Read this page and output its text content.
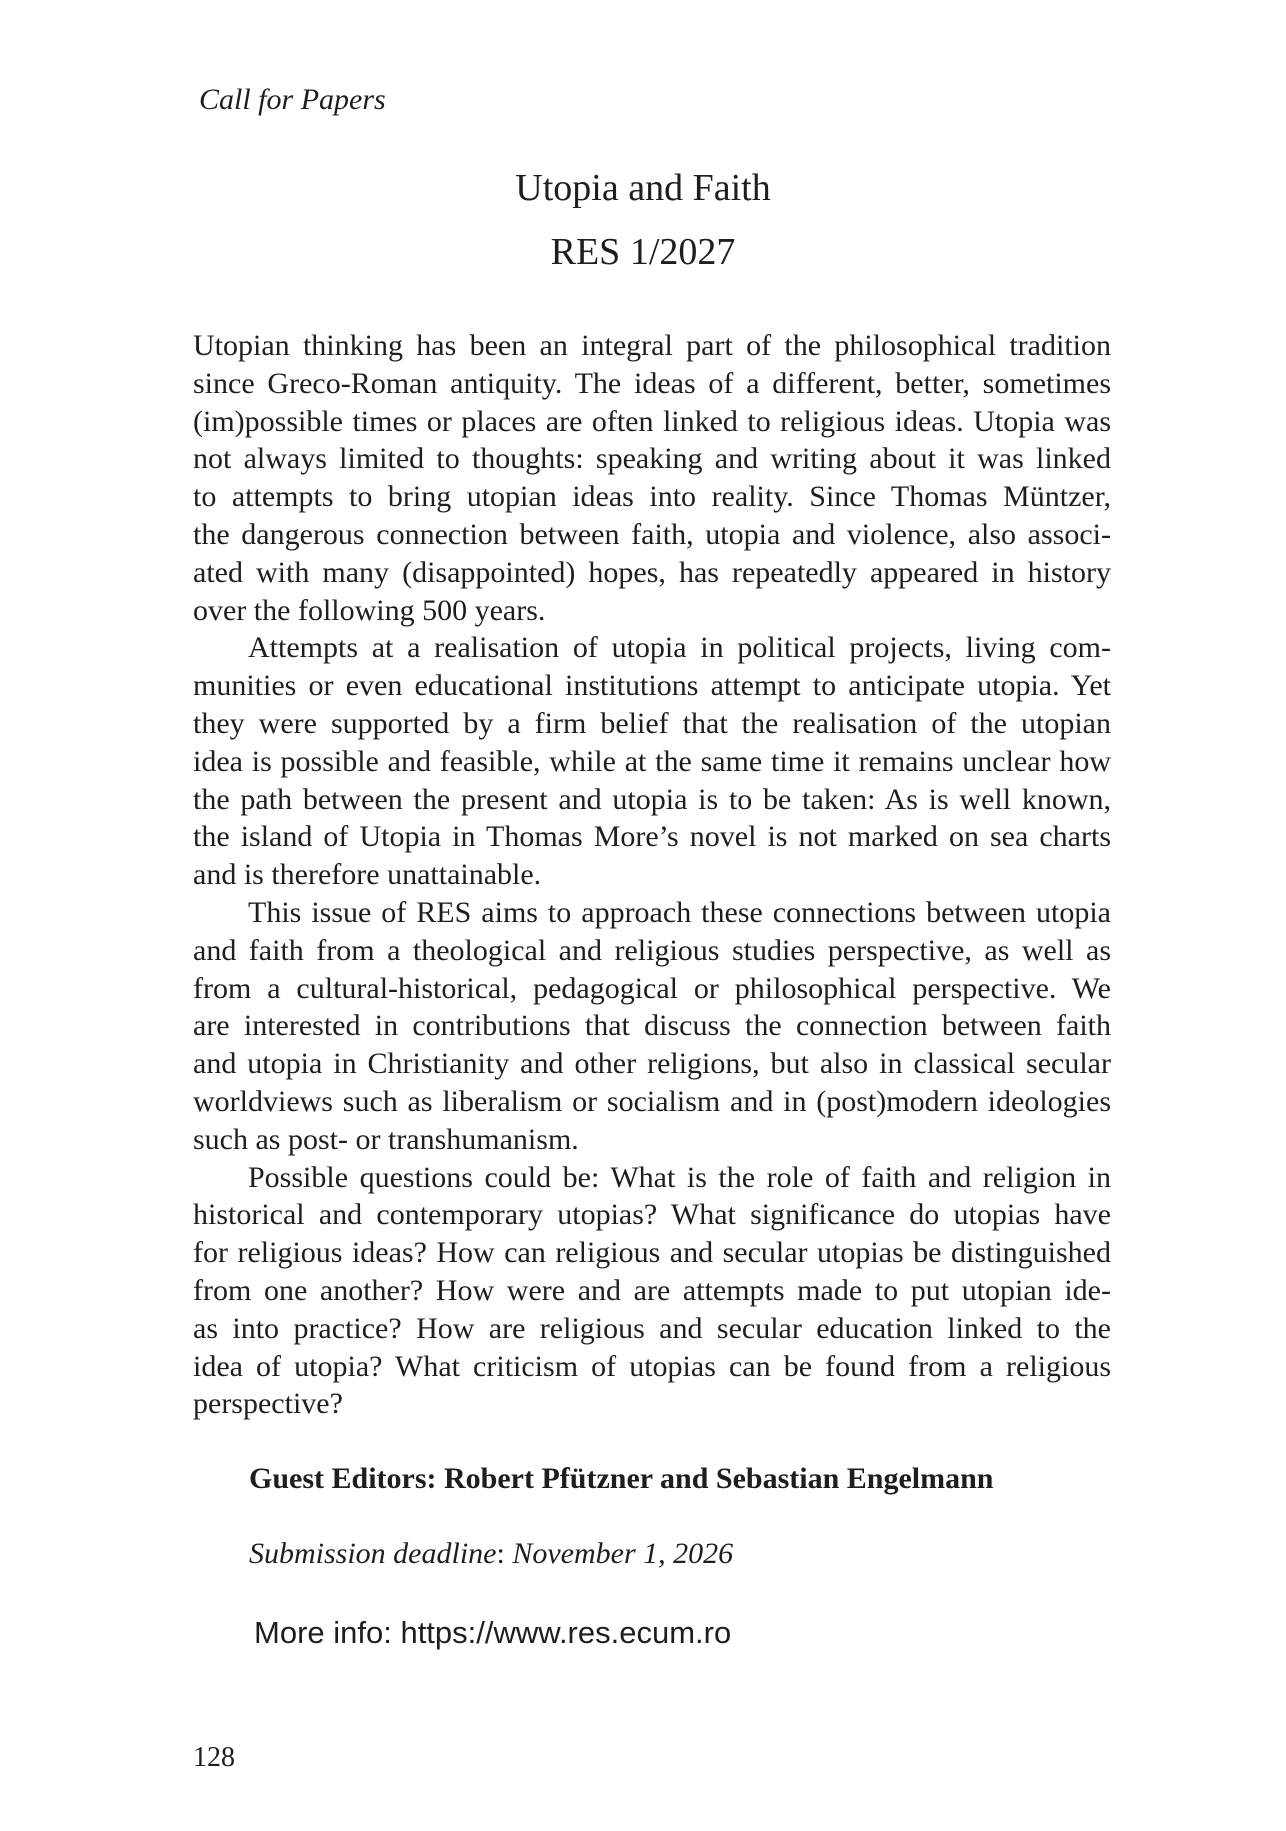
Call for Papers
Utopia and Faith
RES 1/2027
Utopian thinking has been an integral part of the philosophical tradition
since Greco-Roman antiquity. The ideas of a different, better, sometimes
(im)possible times or places are often linked to religious ideas. Utopia was
not always limited to thoughts: speaking and writing about it was linked
to attempts to bring utopian ideas into reality. Since Thomas Müntzer,
the dangerous connection between faith, utopia and violence, also associ-
ated with many (disappointed) hopes, has repeatedly appeared in history
over the following 500 years.
Attempts at a realisation of utopia in political projects, living com-
munities or even educational institutions attempt to anticipate utopia. Yet
they were supported by a firm belief that the realisation of the utopian
idea is possible and feasible, while at the same time it remains unclear how
the path between the present and utopia is to be taken: As is well known,
the island of Utopia in Thomas More’s novel is not marked on sea charts
and is therefore unattainable.
This issue of RES aims to approach these connections between utopia
and faith from a theological and religious studies perspective, as well as
from a cultural-historical, pedagogical or philosophical perspective. We
are interested in contributions that discuss the connection between faith
and utopia in Christianity and other religions, but also in classical secular
worldviews such as liberalism or socialism and in (post)modern ideologies
such as post- or transhumanism.
Possible questions could be: What is the role of faith and religion in
historical and contemporary utopias? What significance do utopias have
for religious ideas? How can religious and secular utopias be distinguished
from one another? How were and are attempts made to put utopian ide-
as into practice? How are religious and secular education linked to the
idea of utopia? What criticism of utopias can be found from a religious
perspective?
Guest Editors: Robert Pfützner and Sebastian Engelmann
Submission deadline: November 1, 2026
More info: https://www.res.ecum.ro
128
